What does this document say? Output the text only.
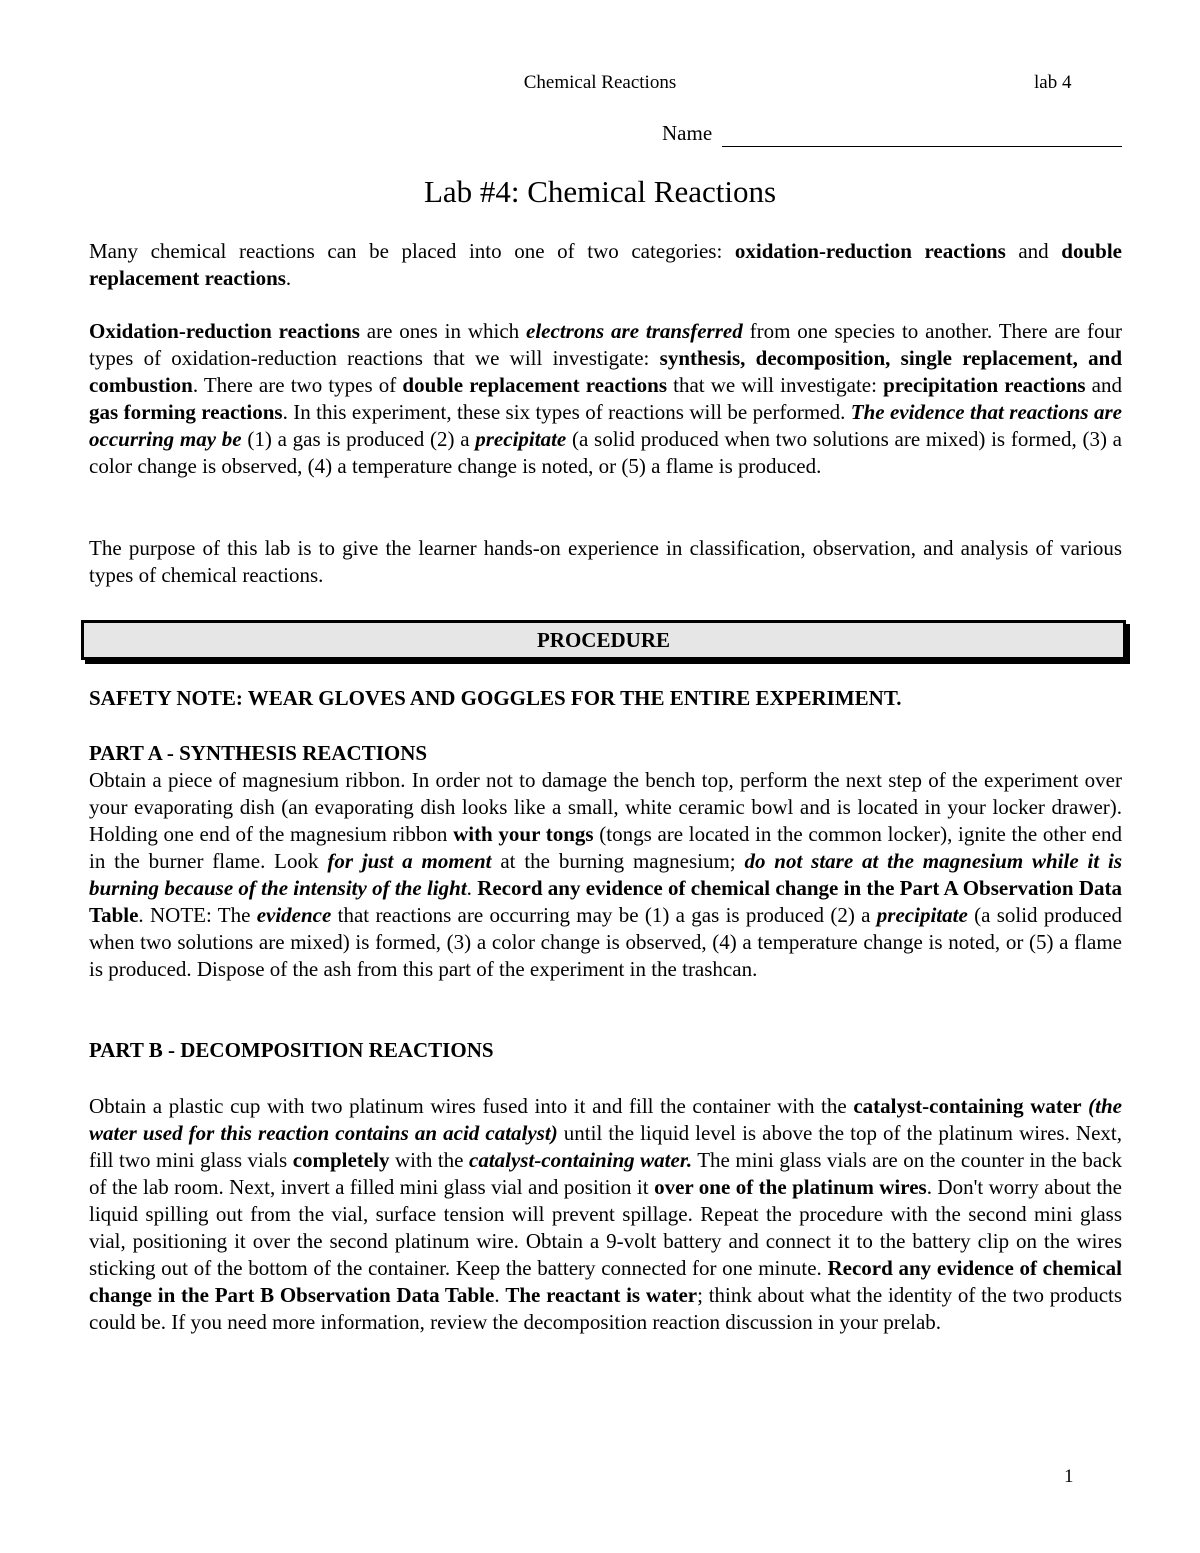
Chemical Reactions	lab 4
Name
Lab #4: Chemical Reactions

Many chemical reactions can be placed into one of two categories: oxidation-reduction reactions and double replacement reactions.

Oxidation-reduction reactions are ones in which electrons are transferred from one species to another. There are four types of oxidation-reduction reactions that we will investigate: synthesis, decomposition, single replacement, and combustion. There are two types of double replacement reactions that we will investigate: precipitation reactions and gas forming reactions. In this experiment, these six types of reactions will be performed. The evidence that reactions are occurring may be (1) a gas is produced (2) a precipitate (a solid produced when two solutions are mixed) is formed, (3) a color change is observed, (4) a temperature change is noted, or (5) a flame is produced.

The purpose of this lab is to give the learner hands-on experience in classification, observation, and analysis of various types of chemical reactions.

PROCEDURE
SAFETY NOTE: WEAR GLOVES AND GOGGLES FOR THE ENTIRE EXPERIMENT.
PART A - SYNTHESIS REACTIONS

Obtain a piece of magnesium ribbon. In order not to damage the bench top, perform the next step of the experiment over your evaporating dish (an evaporating dish looks like a small, white ceramic bowl and is located in your locker drawer). Holding one end of the magnesium ribbon with your tongs (tongs are located in the common locker), ignite the other end in the burner flame. Look for just a moment at the burning magnesium; do not stare at the magnesium while it is burning because of the intensity of the light. Record any evidence of chemical change in the Part A Observation Data Table. NOTE: The evidence that reactions are occurring may be (1) a gas is produced (2) a precipitate (a solid produced when two solutions are mixed) is formed, (3) a color change is observed, (4) a temperature change is noted, or (5) a flame is produced. Dispose of the ash from this part of the experiment in the trashcan.

PART B - DECOMPOSITION REACTIONS

Obtain a plastic cup with two platinum wires fused into it and fill the container with the catalyst-containing water (the water used for this reaction contains an acid catalyst) until the liquid level is above the top of the platinum wires. Next, fill two mini glass vials completely with the catalyst-containing water. The mini glass vials are on the counter in the back of the lab room. Next, invert a filled mini glass vial and position it over one of the platinum wires. Don't worry about the liquid spilling out from the vial, surface tension will prevent spillage. Repeat the procedure with the second mini glass vial, positioning it over the second platinum wire. Obtain a 9-volt battery and connect it to the battery clip on the wires sticking out of the bottom of the container. Keep the battery connected for one minute. Record any evidence of chemical change in the Part B Observation Data Table. The reactant is water; think about what the identity of the two products could be. If you need more information, review the decomposition reaction discussion in your prelab.

1
